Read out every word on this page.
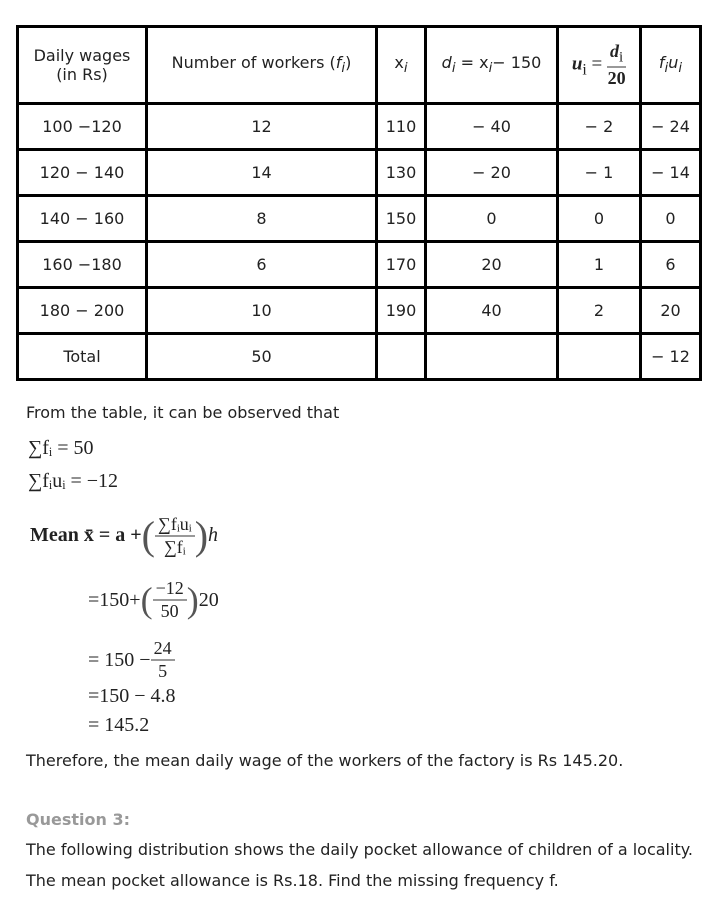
Daily wages
(in Rs)	Number of workers $(f_i)$	$x_i$	$d_i = x_i- 150$	$u_i = \frac{d_i}{20}$	$f_iu_i$
100 −120	12	110	− 40	− 2	− 24
120 − 140	14	130	− 20	− 1	− 14
140 − 160	8	150	0	0	0
160 −180	6	170	20	1	6
180 − 200	10	190	40	2	20
Total	50				− 12
From the table, it can be observed that
∑fᵢ = 50
∑fᵢuᵢ = −12
Mean x̄ = a + ( $\frac{\text{∑fᵢuᵢ}}{\text{∑fᵢ}}$ ) h
=150+ ( $\frac{-12}{50}$ ) 20
= $150 - \frac{24}{5}$
=150 − 4.8
= 145.2
Therefore, the mean daily wage of the workers of the factory is Rs 145.20.
Question 3:
The following distribution shows the daily pocket allowance of children of a locality.
The mean pocket allowance is Rs.18. Find the missing frequency f.
